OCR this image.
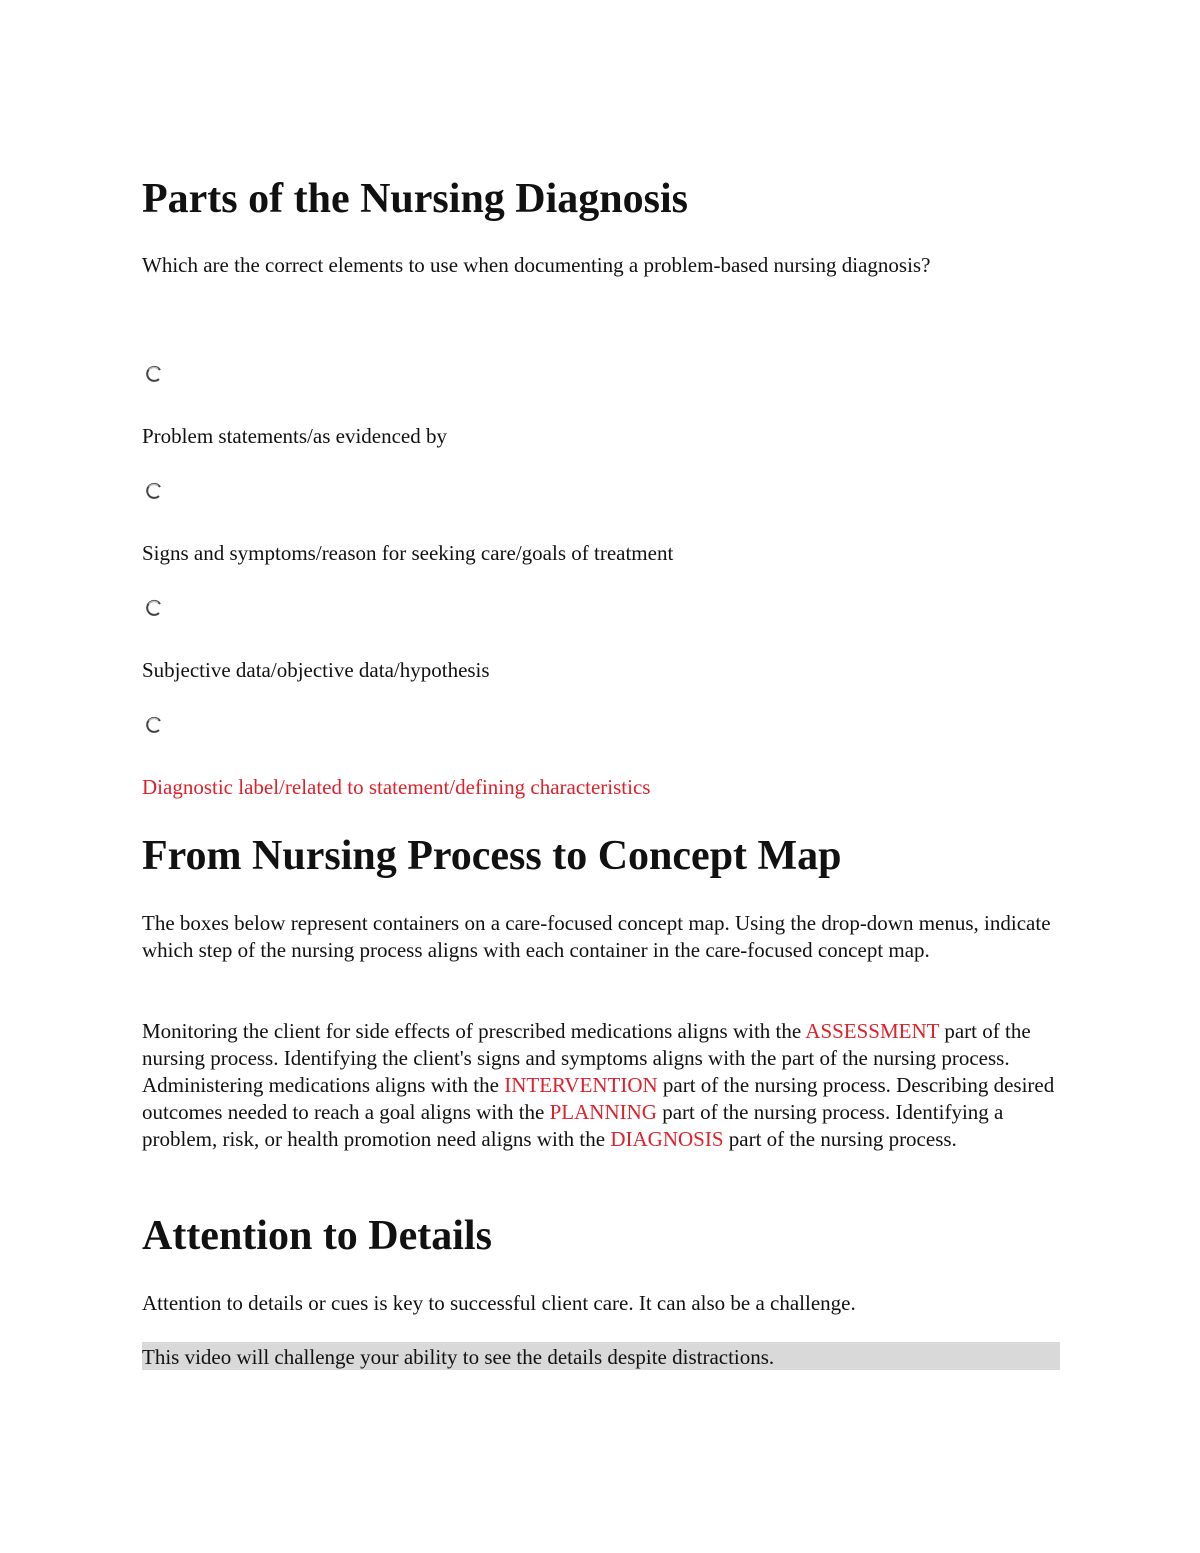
Parts of the Nursing Diagnosis

Which are the correct elements to use when documenting a problem-based nursing diagnosis?

Problem statements/as evidenced by

Signs and symptoms/reason for seeking care/goals of treatment

Subjective data/objective data/hypothesis

Diagnostic label/related to statement/defining characteristics

From Nursing Process to Concept Map

The boxes below represent containers on a care-focused concept map. Using the drop-down menus, indicate which step of the nursing process aligns with each container in the care-focused concept map.

Monitoring the client for side effects of prescribed medications aligns with the ASSESSMENT part of the nursing process. Identifying the client's signs and symptoms aligns with the part of the nursing process. Administering medications aligns with the INTERVENTION part of the nursing process. Describing desired outcomes needed to reach a goal aligns with the PLANNING part of the nursing process. Identifying a problem, risk, or health promotion need aligns with the DIAGNOSIS part of the nursing process.

Attention to Details

Attention to details or cues is key to successful client care. It can also be a challenge.

This video will challenge your ability to see the details despite distractions.
